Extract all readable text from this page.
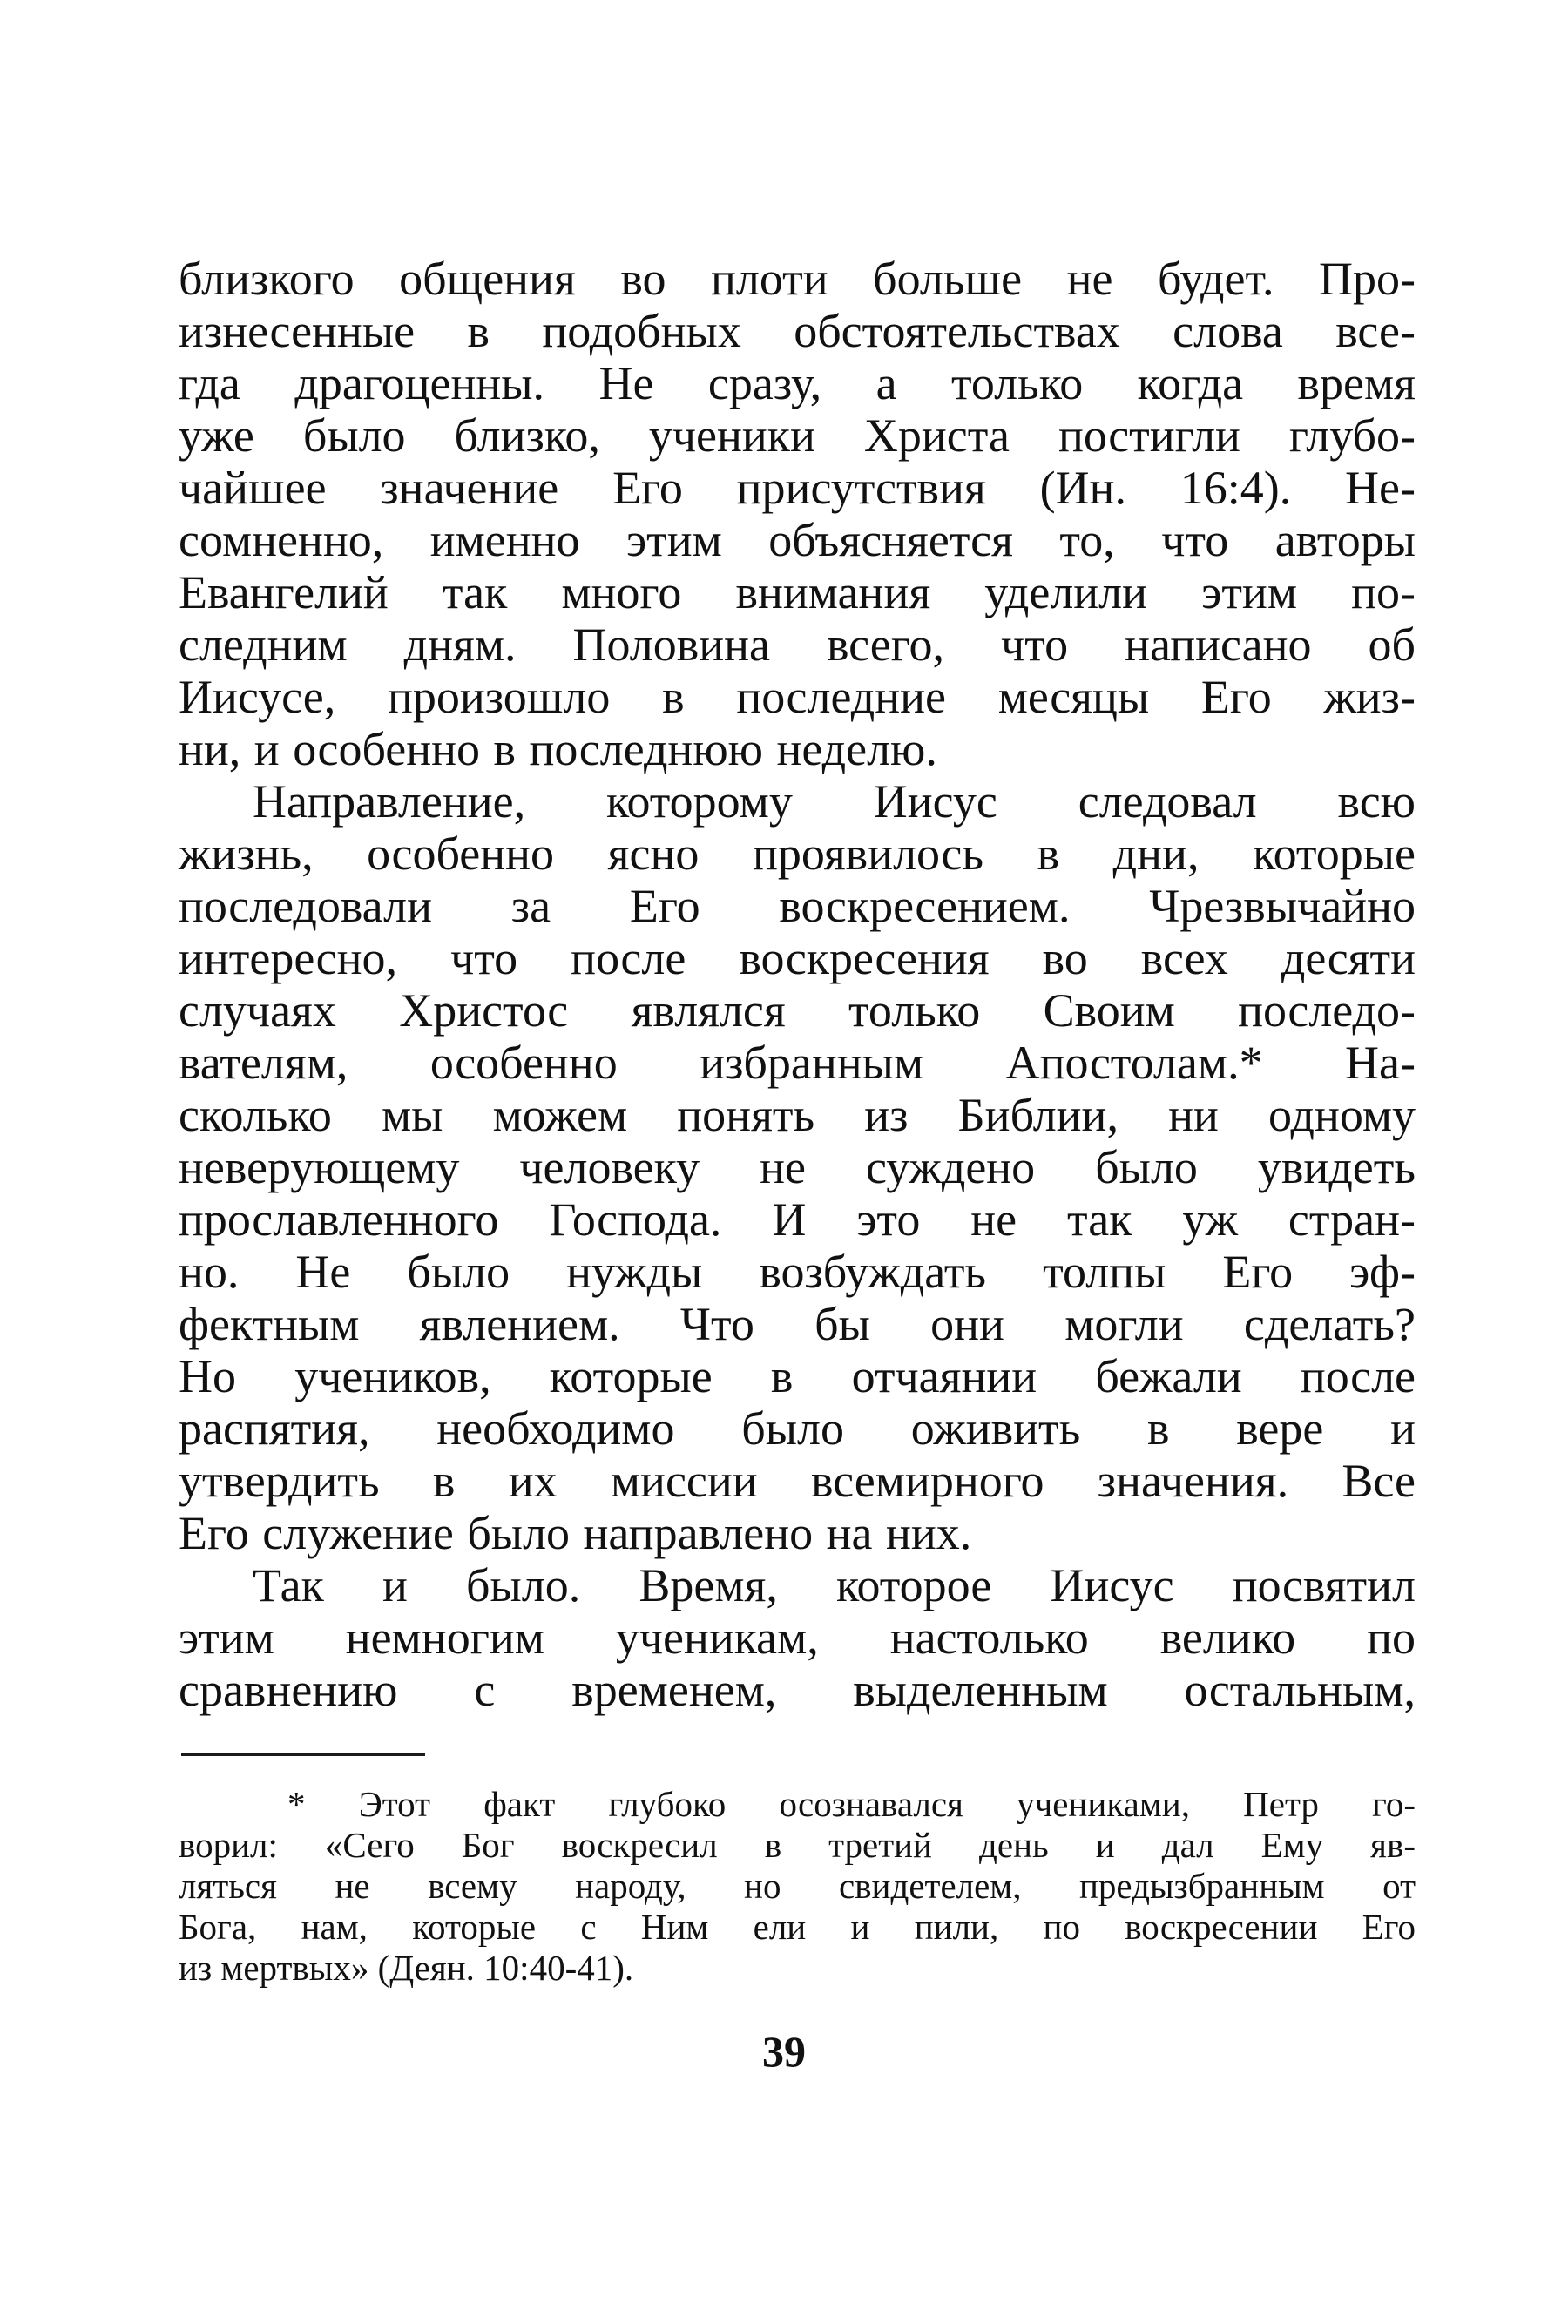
близкого общения во плоти больше не будет. Про-
изнесенные в подобных обстоятельствах слова все-
гда драгоценны. Не сразу, а только когда время
уже было близко, ученики Христа постигли глубо-
чайшее значение Его присутствия (Ин. 16:4). Не-
сомненно, именно этим объясняется то, что авторы
Евангелий так много внимания уделили этим по-
следним дням. Половина всего, что написано об
Иисусе, произошло в последние месяцы Его жиз-
ни, и особенно в последнюю неделю.
Направление, которому Иисус следовал всю
жизнь, особенно ясно проявилось в дни, которые
последовали за Его воскресением. Чрезвычайно
интересно, что после воскресения во всех десяти
случаях Христос являлся только Своим последо-
вателям, особенно избранным Апостолам.* На-
сколько мы можем понять из Библии, ни одному
неверующему человеку не суждено было увидеть
прославленного Господа. И это не так уж стран-
но. Не было нужды возбуждать толпы Его эф-
фектным явлением. Что бы они могли сделать?
Но учеников, которые в отчаянии бежали после
распятия, необходимо было оживить в вере и
утвердить в их миссии всемирного значения. Все
Его служение было направлено на них.
Так и было. Время, которое Иисус посвятил
этим немногим ученикам, настолько велико по
сравнению с временем, выделенным остальным,
* Этот факт глубоко осознавался учениками, Петр го-
ворил: «Сего Бог воскресил в третий день и дал Ему яв-
ляться не всему народу, но свидетелем, предызбранным от
Бога, нам, которые с Ним ели и пили, по воскресении Его
из мертвых» (Деян. 10:40-41).
39
